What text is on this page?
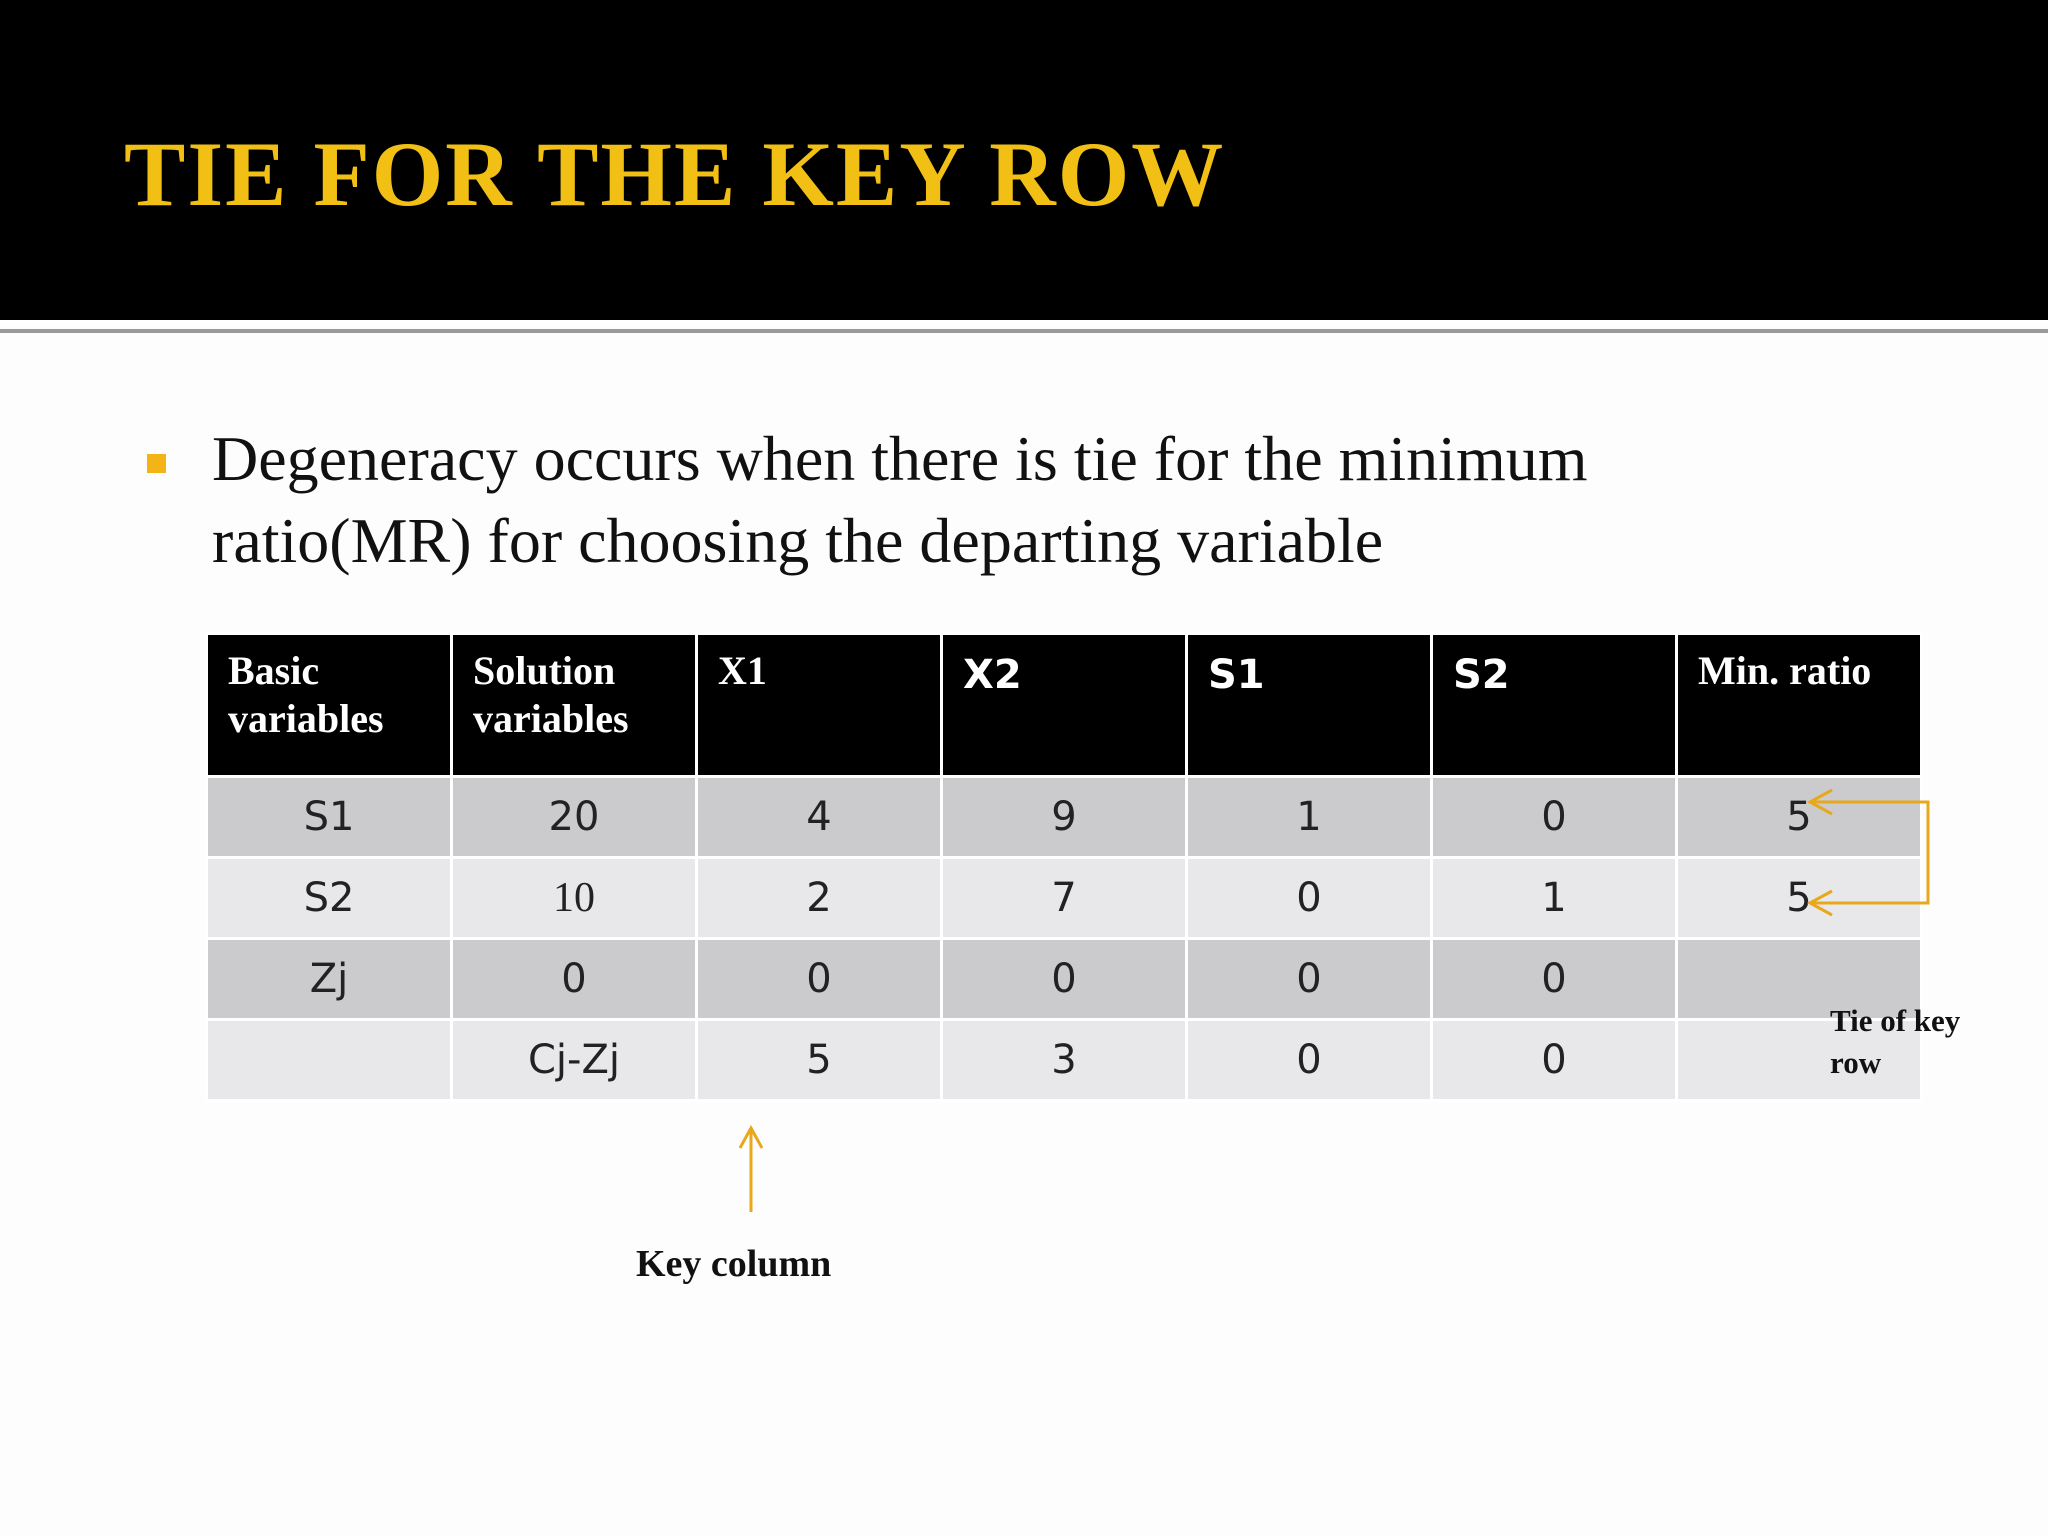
TIE FOR THE KEY ROW
Degeneracy occurs when there is tie for the minimum ratio(MR) for choosing the departing variable
Basic variables	Solution variables	X1	X2	S1	S2	Min. ratio
S1	20	4	9	1	0	5
S2	10	2	7	0	1	5
Zj	0	0	0	0	0	
	Cj-Zj	5	3	0	0	
Tie of key row
Key column
